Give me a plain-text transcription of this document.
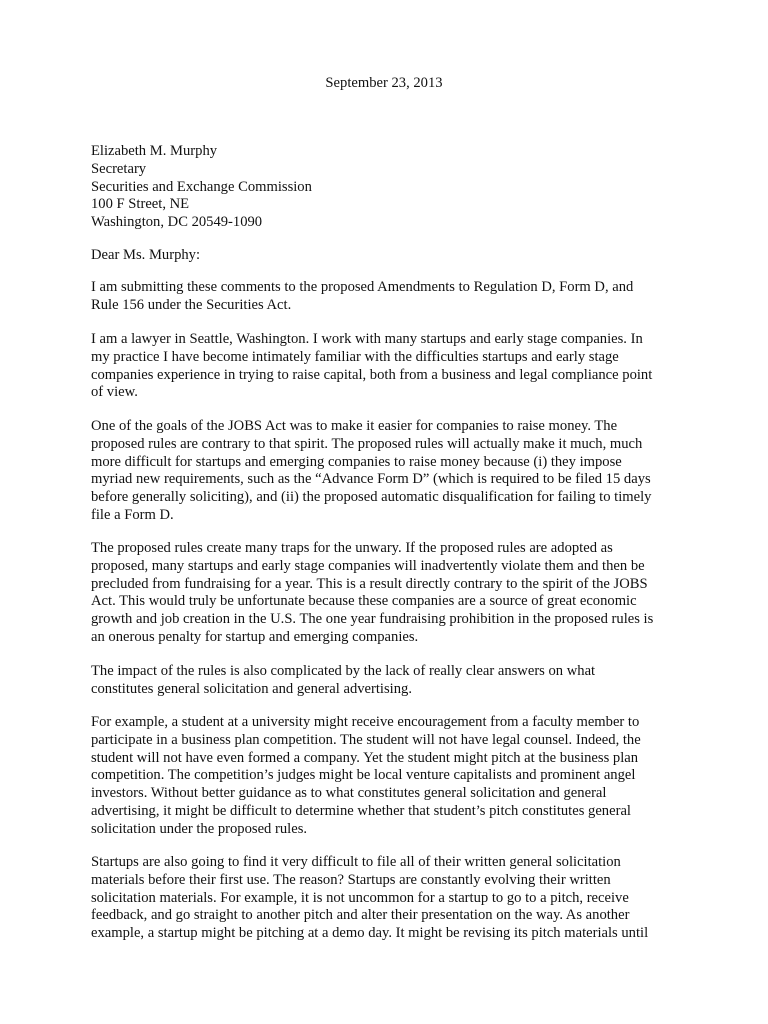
September 23, 2013
Elizabeth M. Murphy
Secretary
Securities and Exchange Commission
100 F Street, NE
Washington, DC 20549-1090
Dear Ms. Murphy:
I am submitting these comments to the proposed Amendments to Regulation D, Form D, and
Rule 156 under the Securities Act.
I am a lawyer in Seattle, Washington. I work with many startups and early stage companies. In
my practice I have become intimately familiar with the difficulties startups and early stage
companies experience in trying to raise capital, both from a business and legal compliance point
of view.
One of the goals of the JOBS Act was to make it easier for companies to raise money. The
proposed rules are contrary to that spirit. The proposed rules will actually make it much, much
more difficult for startups and emerging companies to raise money because (i) they impose
myriad new requirements, such as the “Advance Form D” (which is required to be filed 15 days
before generally soliciting), and (ii) the proposed automatic disqualification for failing to timely
file a Form D.
The proposed rules create many traps for the unwary. If the proposed rules are adopted as
proposed, many startups and early stage companies will inadvertently violate them and then be
precluded from fundraising for a year. This is a result directly contrary to the spirit of the JOBS
Act. This would truly be unfortunate because these companies are a source of great economic
growth and job creation in the U.S. The one year fundraising prohibition in the proposed rules is
an onerous penalty for startup and emerging companies.
The impact of the rules is also complicated by the lack of really clear answers on what
constitutes general solicitation and general advertising.
For example, a student at a university might receive encouragement from a faculty member to
participate in a business plan competition. The student will not have legal counsel. Indeed, the
student will not have even formed a company. Yet the student might pitch at the business plan
competition. The competition’s judges might be local venture capitalists and prominent angel
investors. Without better guidance as to what constitutes general solicitation and general
advertising, it might be difficult to determine whether that student’s pitch constitutes general
solicitation under the proposed rules.
Startups are also going to find it very difficult to file all of their written general solicitation
materials before their first use. The reason? Startups are constantly evolving their written
solicitation materials. For example, it is not uncommon for a startup to go to a pitch, receive
feedback, and go straight to another pitch and alter their presentation on the way. As another
example, a startup might be pitching at a demo day. It might be revising its pitch materials until
